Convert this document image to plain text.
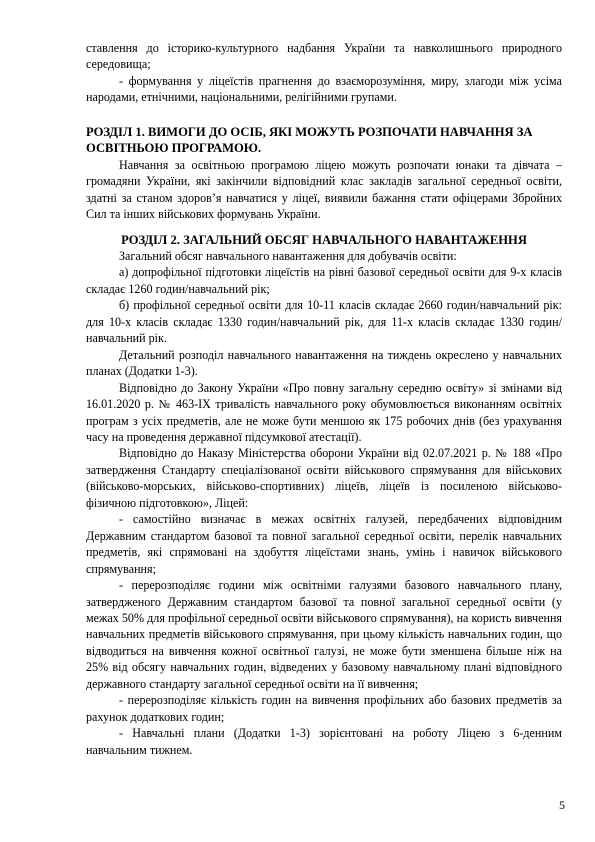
ставлення до історико-культурного надбання України та навколишнього природного середовища;

- формування у ліцеїстів прагнення до взаєморозуміння, миру, злагоди між усіма народами, етнічними, національними, релігійними групами.

РОЗДІЛ 1. ВИМОГИ ДО ОСІБ, ЯКІ МОЖУТЬ РОЗПОЧАТИ НАВЧАННЯ ЗА ОСВІТНЬОЮ ПРОГРАМОЮ.

Навчання за освітньою програмою ліцею можуть розпочати юнаки та дівчата – громадяни України, які закінчили відповідний клас закладів загальної середньої освіти, здатні за станом здоров’я навчатися у ліцеї, виявили бажання стати офіцерами Збройних Сил та інших військових формувань України.

РОЗДІЛ 2. ЗАГАЛЬНИЙ ОБСЯГ НАВЧАЛЬНОГО НАВАНТАЖЕННЯ

Загальний обсяг навчального навантаження для добувачів освіти:

а) допрофільної підготовки ліцеїстів на рівні базової середньої освіти для 9-х класів складає 1260 годин/навчальний рік;

б) профільної середньої освіти для 10-11 класів складає 2660 годин/навчальний рік: для 10-х класів складає 1330 годин/навчальний рік, для 11-х класів складає 1330 годин/навчальний рік.

Детальний розподіл навчального навантаження на тиждень окреслено у навчальних планах (Додатки 1-3).

Відповідно до Закону України «Про повну загальну середню освіту» зі змінами від 16.01.2020 р. № 463-ІХ тривалість навчального року обумовлюється виконанням освітніх програм з усіх предметів, але не може бути меншою як 175 робочих днів (без урахування часу на проведення державної підсумкової атестації).

Відповідно до Наказу Міністерства оборони України від 02.07.2021 р. № 188 «Про затвердження Стандарту спеціалізованої освіти військового спрямування для військових (військово-морських, військово-спортивних) ліцеїв, ліцеїв із посиленою військово-фізичною підготовкою», Ліцей:

- самостійно визначає в межах освітніх галузей, передбачених відповідним Державним стандартом базової та повної загальної середньої освіти, перелік навчальних предметів, які спрямовані на здобуття ліцеїстами знань, умінь і навичок військового спрямування;

- перерозподіляє години між освітніми галузями базового навчального плану, затвердженого Державним стандартом базової та повної загальної середньої освіти (у межах 50% для профільної середньої освіти військового спрямування), на користь вивчення навчальних предметів військового спрямування, при цьому кількість навчальних годин, що відводиться на вивчення кожної освітньої галузі, не може бути зменшена більше ніж на 25% від обсягу навчальних годин, відведених у базовому навчальному плані відповідного державного стандарту загальної середньої освіти на її вивчення;

- перерозподіляє кількість годин на вивчення профільних або базових предметів за рахунок додаткових годин;

- Навчальні плани (Додатки 1-3) зорієнтовані на роботу Ліцею з 6-денним навчальним тижнем.

5
